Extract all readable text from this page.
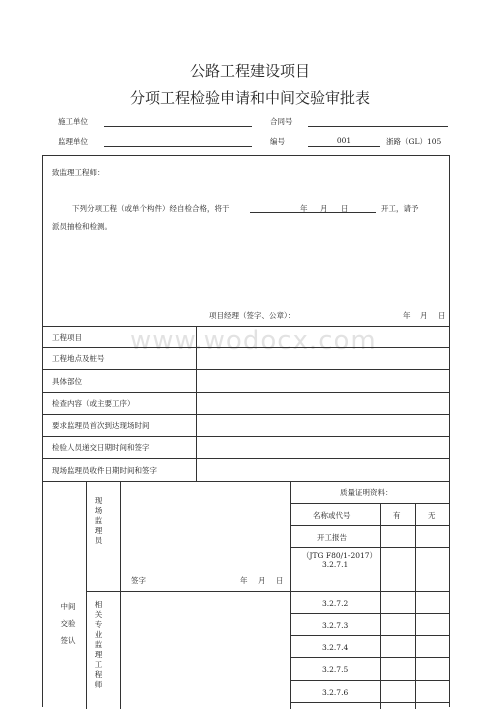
公路工程建设项目
分项工程检验申请和中间交验审批表
施工单位	合同号
监理单位	编号	001	浙路（GL）105
致监理工程师：
下列分项工程（或单个构件）经自检合格，将于	年 月 日	开工，请予
派员抽检和检测。
项目经理（签字、公章）：	年 月 日
www.wodocx.com
工程项目
工程地点及桩号
具体部位
检查内容（或主要工序）
要求监理员首次到达现场时间
检验人员递交日期时间和签字
现场监理员收件日期时间和签字
中间交验签认
现场监理员
相关专业监理工程师
签字	年 月 日
质量证明资料：
名称或代号	有	无
开工报告
（JTG F80/1-2017）
3.2.7.1
3.2.7.2
3.2.7.3
3.2.7.4
3.2.7.5
3.2.7.6
